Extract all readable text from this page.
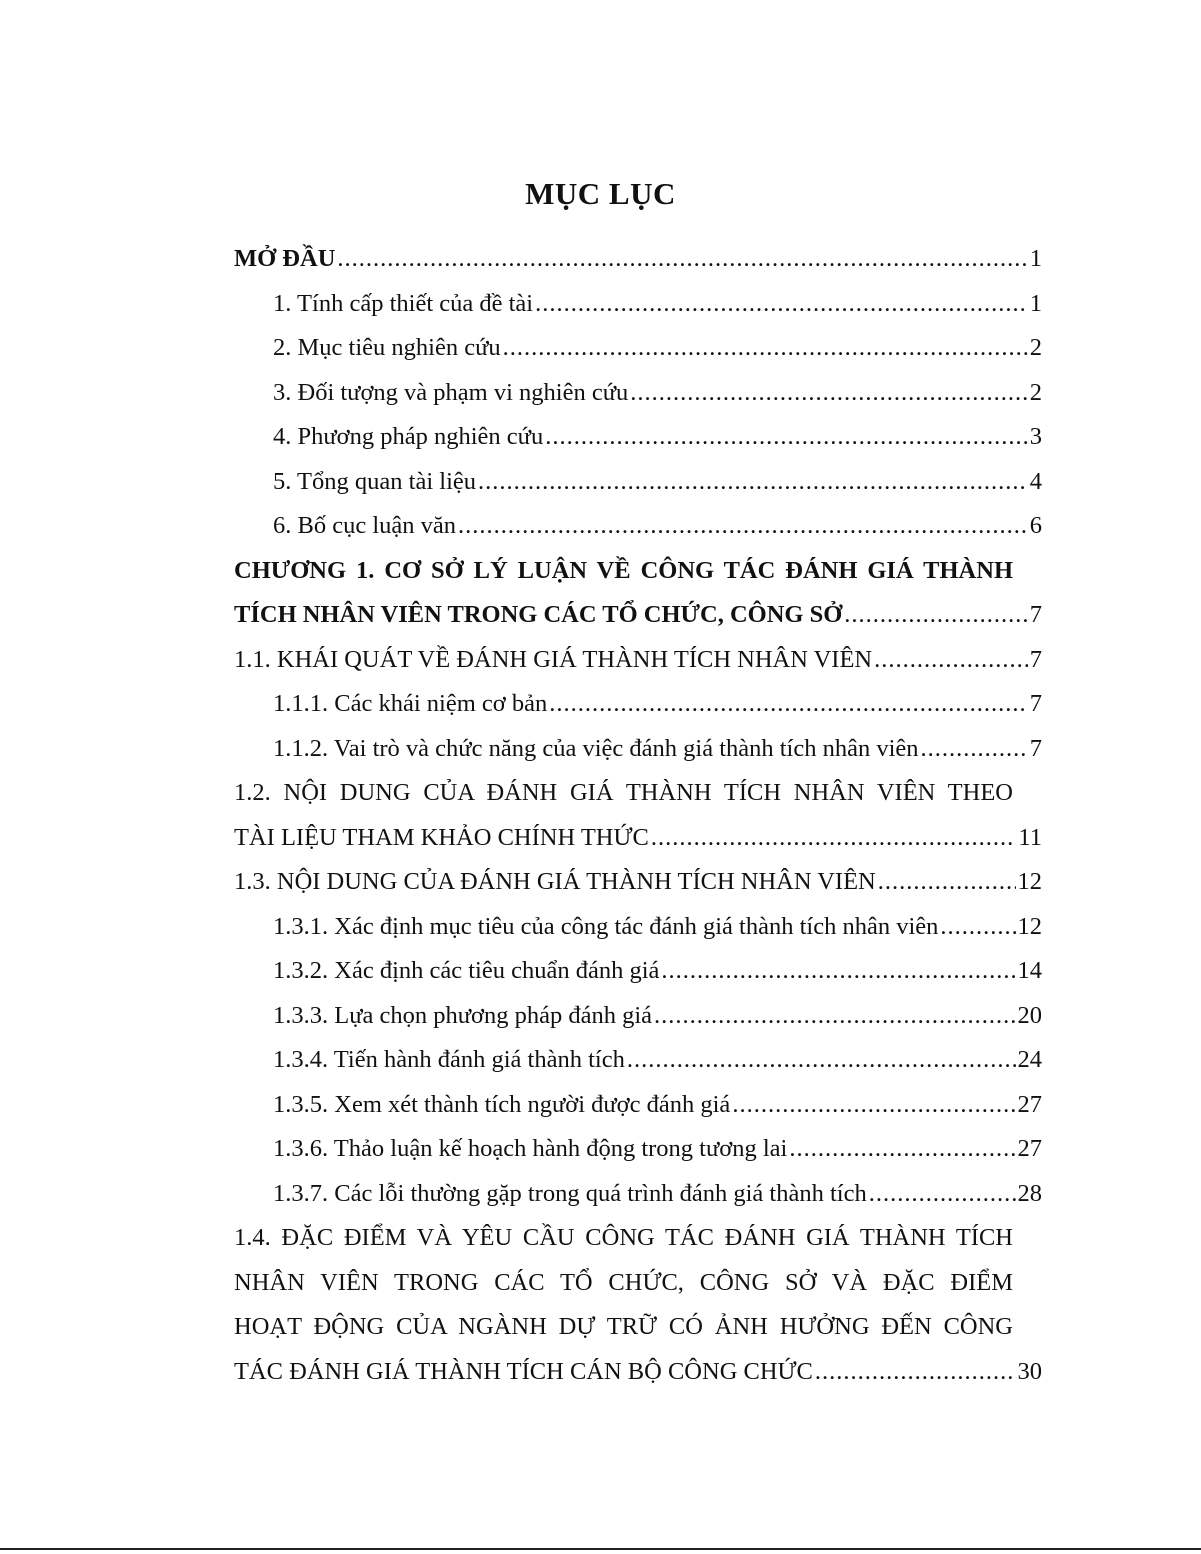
MỤC LỤC
MỞ ĐẦU .....	1
1. Tính cấp thiết của đề tài .....	1
2. Mục tiêu nghiên cứu .....	2
3. Đối tượng và phạm vi nghiên cứu .....	2
4. Phương pháp nghiên cứu .....	3
5. Tổng quan tài liệu .....	4
6. Bố cục luận văn .....	6
CHƯƠNG 1. CƠ SỞ LÝ LUẬN VỀ CÔNG TÁC ĐÁNH GIÁ THÀNH
TÍCH NHÂN VIÊN TRONG CÁC TỔ CHỨC, CÔNG SỞ .....	7
1.1. KHÁI QUÁT VỀ ĐÁNH GIÁ THÀNH TÍCH NHÂN VIÊN .....	7
1.1.1. Các khái niệm cơ bản .....	7
1.1.2. Vai trò và chức năng của việc đánh giá thành tích nhân viên .....	7
1.2. NỘI DUNG CỦA ĐÁNH GIÁ THÀNH TÍCH NHÂN VIÊN THEO
TÀI LIỆU THAM KHẢO CHÍNH THỨC .....	11
1.3. NỘI DUNG CỦA ĐÁNH GIÁ THÀNH TÍCH NHÂN VIÊN .....	12
1.3.1. Xác định mục tiêu của công tác đánh giá thành tích nhân viên .....	12
1.3.2. Xác định các tiêu chuẩn đánh giá .....	14
1.3.3. Lựa chọn phương pháp đánh giá .....	20
1.3.4. Tiến hành đánh giá thành tích .....	24
1.3.5. Xem xét thành tích người được đánh giá .....	27
1.3.6. Thảo luận kế hoạch hành động trong tương lai .....	27
1.3.7. Các lỗi thường gặp trong quá trình đánh giá thành tích .....	28
1.4. ĐẶC ĐIỂM VÀ YÊU CẦU CÔNG TÁC ĐÁNH GIÁ THÀNH TÍCH
NHÂN VIÊN TRONG CÁC TỔ CHỨC, CÔNG SỞ VÀ ĐẶC ĐIỂM
HOẠT ĐỘNG CỦA NGÀNH DỰ TRỮ CÓ ẢNH HƯỞNG ĐẾN CÔNG
TÁC ĐÁNH GIÁ THÀNH TÍCH CÁN BỘ CÔNG CHỨC .....	30
